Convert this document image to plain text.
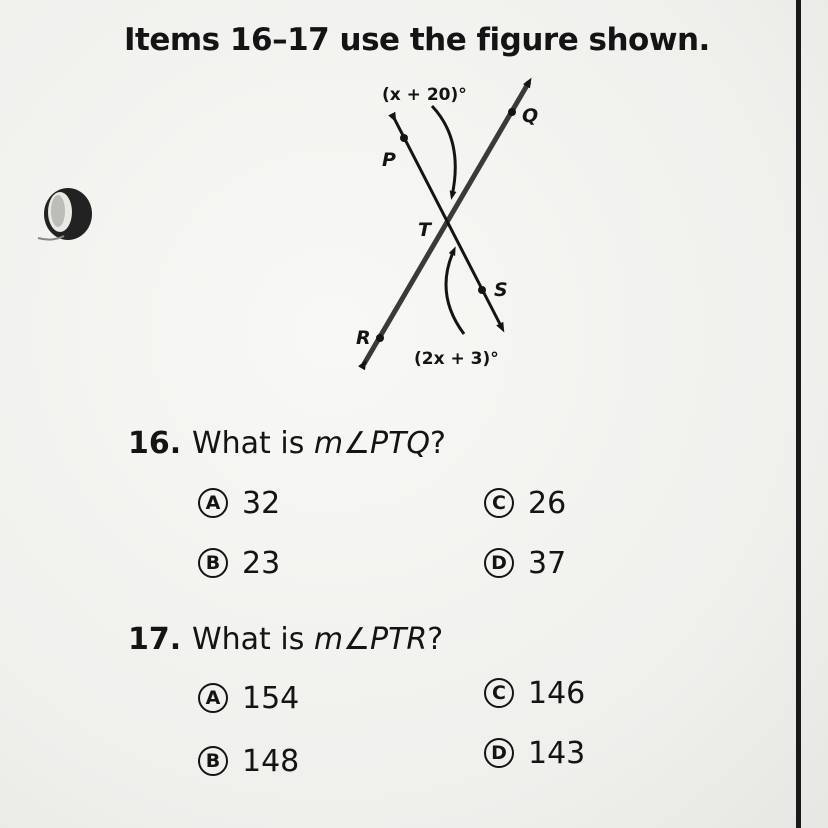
Items 16–17 use the figure shown.
Q
P
T
S
R
(x + 20)°
(2x + 3)°
16. What is m∠PTQ?
A 32	C 26
B 23	D 37
17. What is m∠PTR?
A 154	C 146
B 148	D 143
